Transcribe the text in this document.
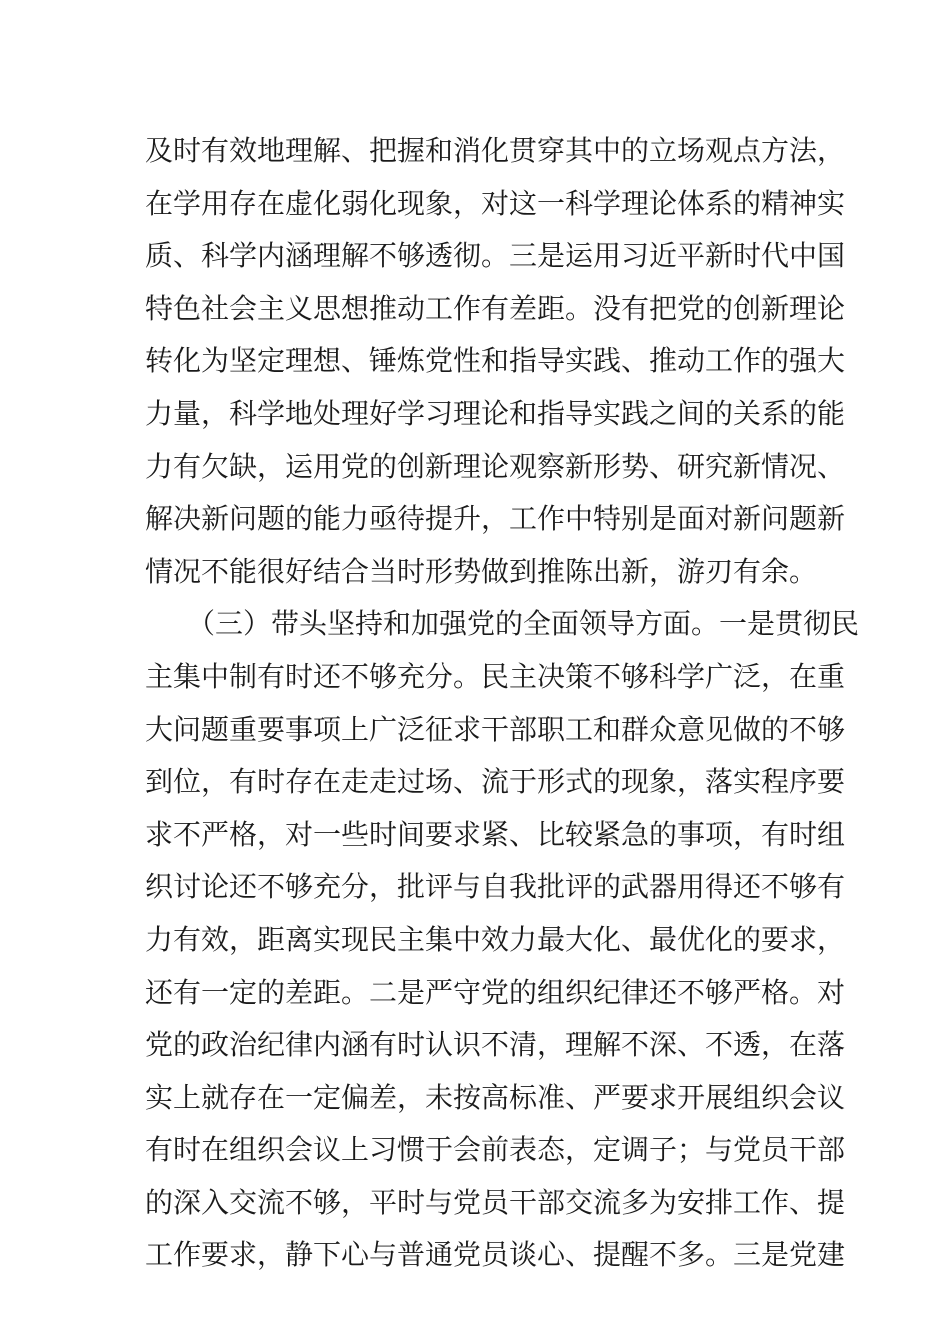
及时有效地理解、把握和消化贯穿其中的立场观点方法，
在学用存在虚化弱化现象，对这一科学理论体系的精神实
质、科学内涵理解不够透彻。三是运用习近平新时代中国
特色社会主义思想推动工作有差距。没有把党的创新理论
转化为坚定理想、锤炼党性和指导实践、推动工作的强大
力量，科学地处理好学习理论和指导实践之间的关系的能
力有欠缺，运用党的创新理论观察新形势、研究新情况、
解决新问题的能力亟待提升，工作中特别是面对新问题新
情况不能很好结合当时形势做到推陈出新，游刃有余。
（三）带头坚持和加强党的全面领导方面。一是贯彻民
主集中制有时还不够充分。民主决策不够科学广泛，在重
大问题重要事项上广泛征求干部职工和群众意见做的不够
到位，有时存在走走过场、流于形式的现象，落实程序要
求不严格，对一些时间要求紧、比较紧急的事项，有时组
织讨论还不够充分，批评与自我批评的武器用得还不够有
力有效，距离实现民主集中效力最大化、最优化的要求，
还有一定的差距。二是严守党的组织纪律还不够严格。对
党的政治纪律内涵有时认识不清，理解不深、不透，在落
实上就存在一定偏差，未按高标准、严要求开展组织会议
有时在组织会议上习惯于会前表态，定调子；与党员干部
的深入交流不够，平时与党员干部交流多为安排工作、提
工作要求，静下心与普通党员谈心、提醒不多。三是党建
